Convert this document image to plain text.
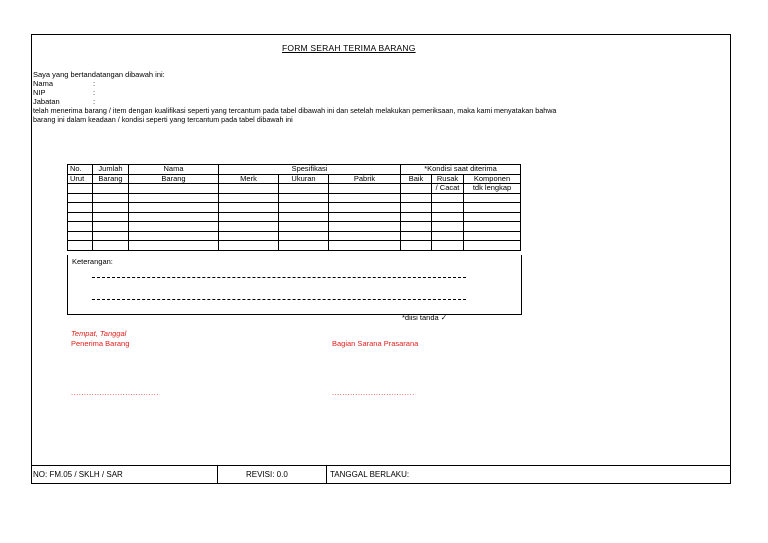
FORM SERAH TERIMA BARANG
Saya yang bertandatangan dibawah ini:
Nama	:
NIP	:
Jabatan	:
telah menerima barang / item dengan kualifikasi seperti yang tercantum pada tabel dibawah ini dan setelah melakukan pemeriksaan, maka kami menyatakan bahwa
barang ini dalam keadaan / kondisi seperti yang tercantum pada tabel dibawah ini
No.	Jumlah	Nama	Spesifikasi			*Kondisi saat diterima		
Urut	Barang	Barang	Merk	Ukuran	Pabrik	Baik	Rusak	Komponen
							/ Cacat	tdk lengkap

Keterangan:
*diisi tanda ✓
Tempat, Tanggal
Penerima Barang	Bagian Sarana Prasarana
..................................	................................
NO: FM.05 / SKLH / SAR	REVISI: 0.0	TANGGAL BERLAKU:
